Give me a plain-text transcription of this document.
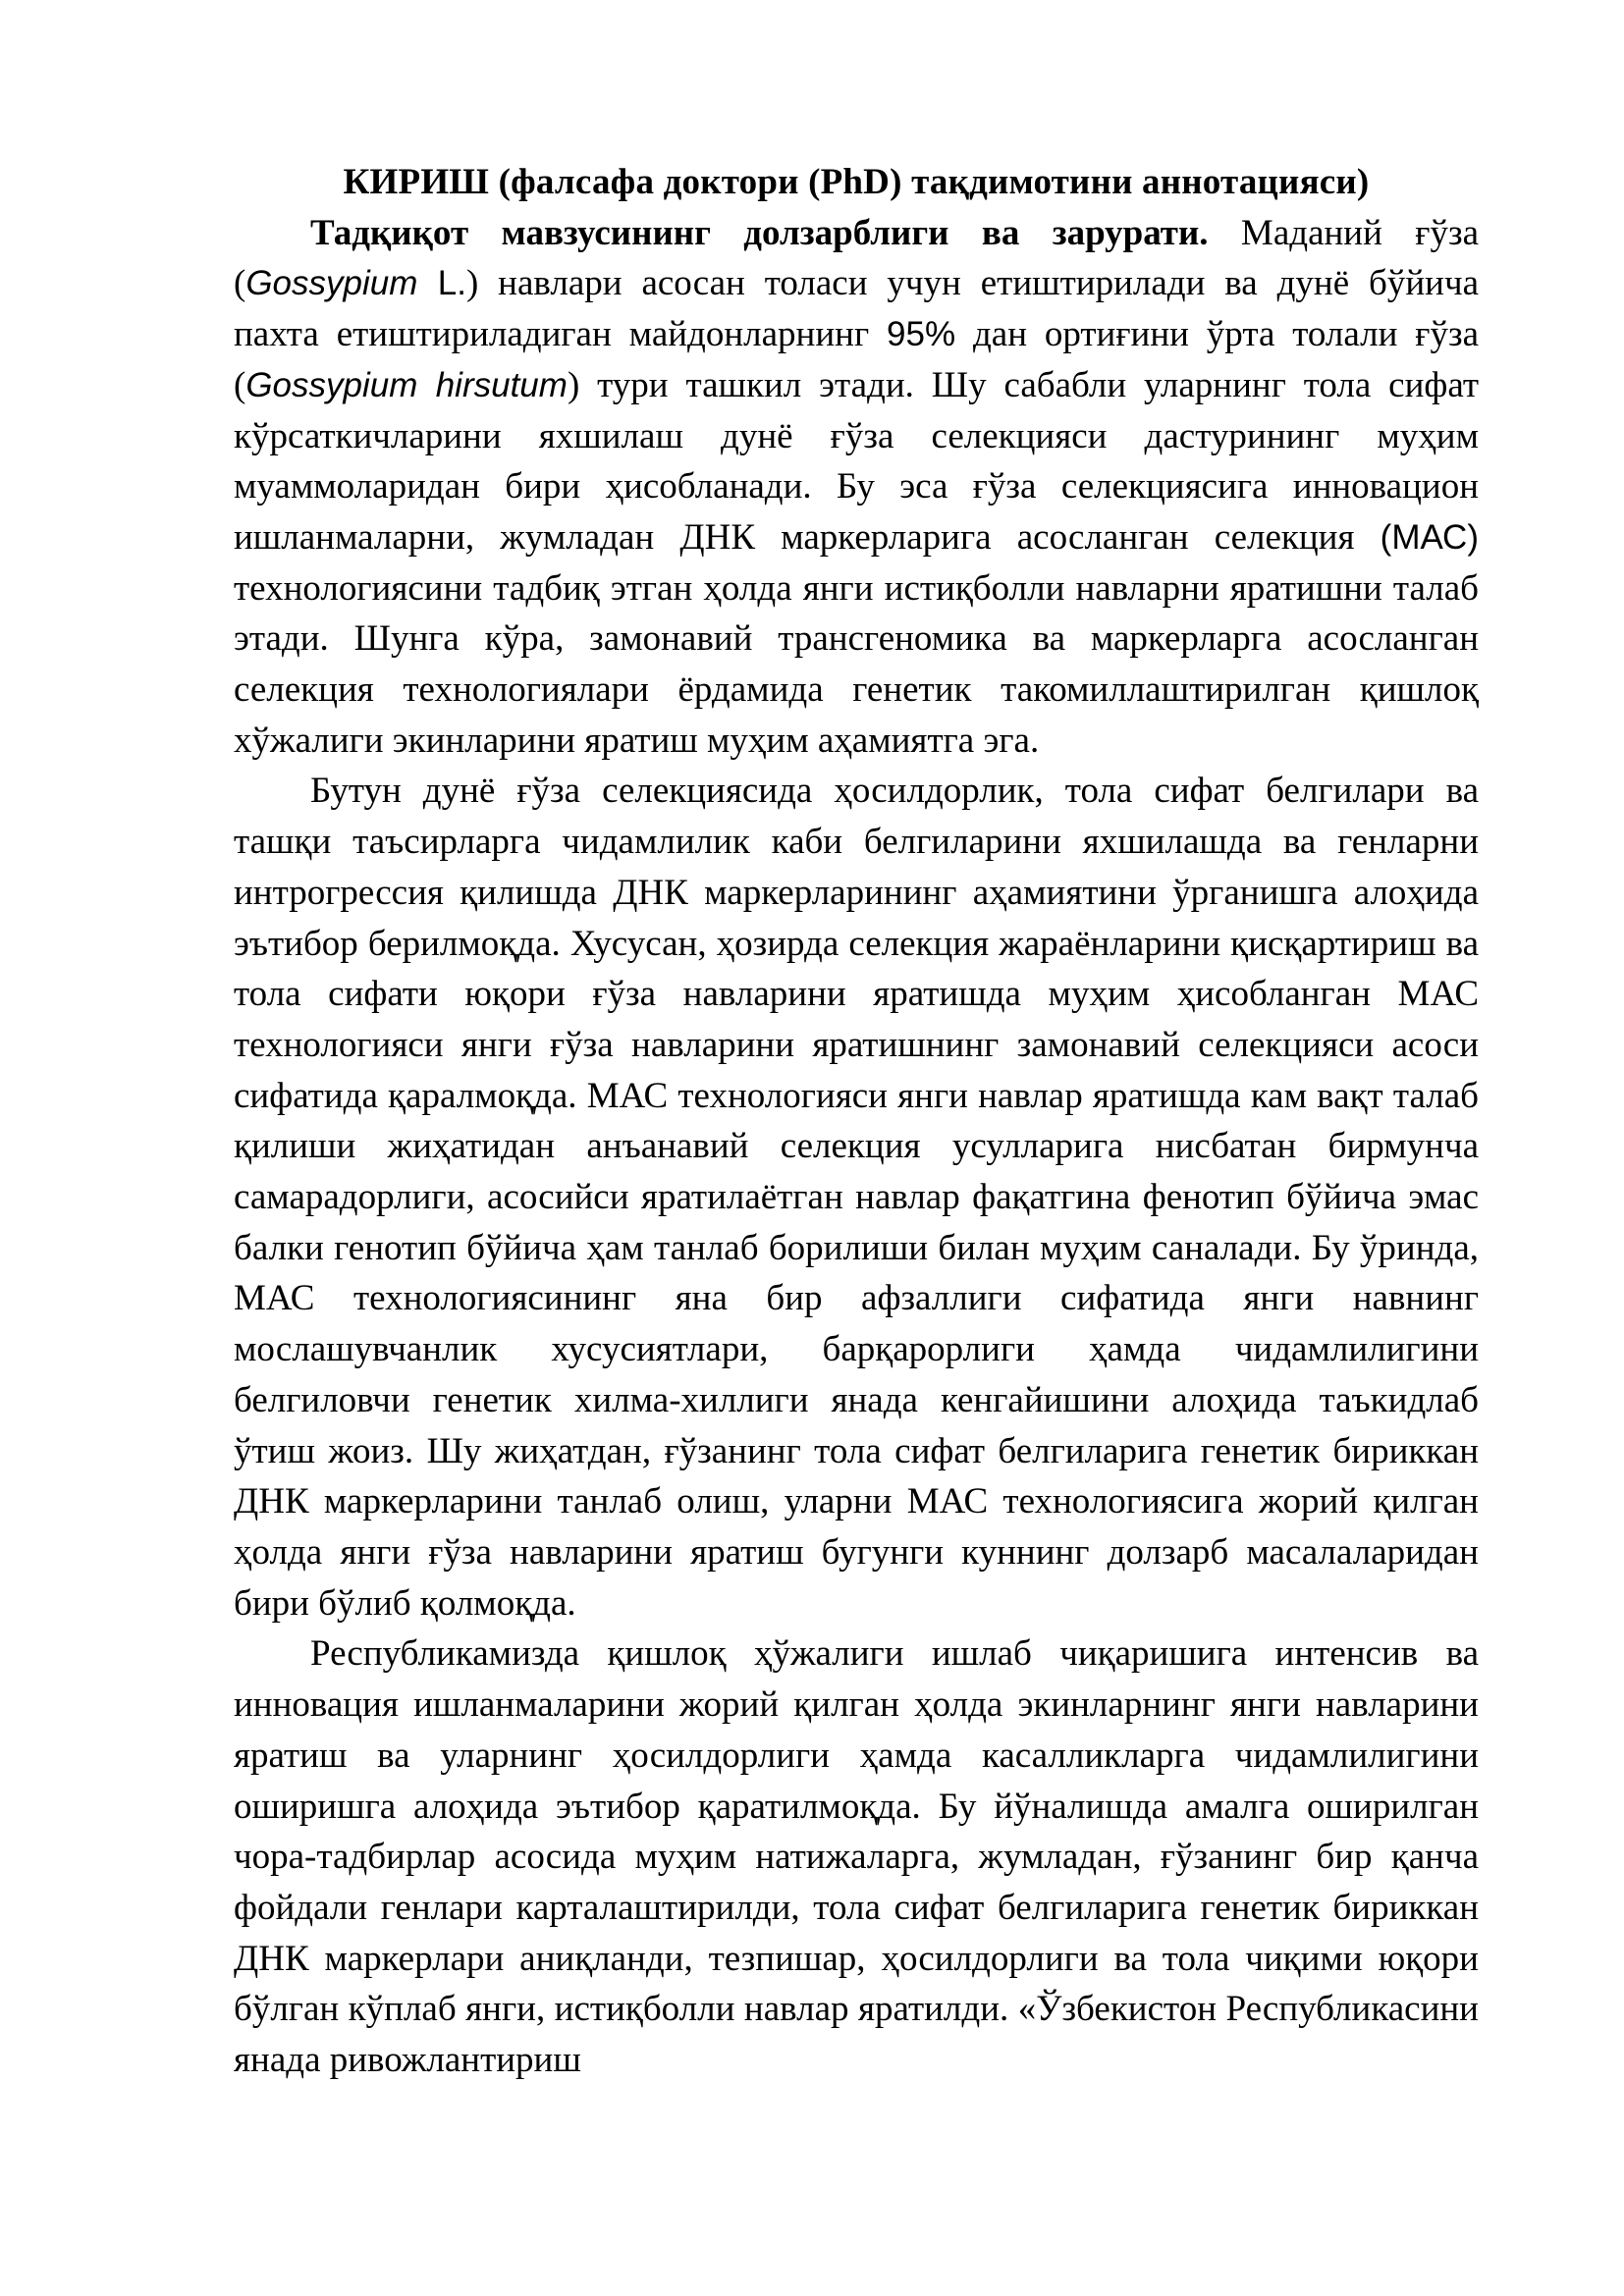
КИРИШ (фалсафа доктори (PhD) тақдимотини аннотацияси)

Тадқиқот мавзусининг долзарблиги ва зарурати. Маданий ғўза (Gossypium L.) навлари асосан толаси учун етиштирилади ва дунё бўйича пахта етиштириладиган майдонларнинг 95% дан ортиғини ўрта толали ғўза (Gossypium hirsutum) тури ташкил этади. Шу сабабли уларнинг тола сифат кўрсаткичларини яхшилаш дунё ғўза селекцияси дастурининг муҳим муаммоларидан бири ҳисобланади. Бу эса ғўза селекциясига инновацион ишланмаларни, жумладан ДНК маркерларига асосланган селекция (МАС) технологиясини тадбиқ этган ҳолда янги истиқболли навларни яратишни талаб этади. Шунга кўра, замонавий трансгеномика ва маркерларга асосланган селекция технологиялари ёрдамида генетик такомиллаштирилган қишлоқ хўжалиги экинларини яратиш муҳим аҳамиятга эга.

Бутун дунё ғўза селекциясида ҳосилдорлик, тола сифат белгилари ва ташқи таъсирларга чидамлилик каби белгиларини яхшилашда ва генларни интрогрессия қилишда ДНК маркерларининг аҳамиятини ўрганишга алоҳида эътибор берилмоқда. Хусусан, ҳозирда селекция жараёнларини қисқартириш ва тола сифати юқори ғўза навларини яратишда муҳим ҳисобланган МАС технологияси янги ғўза навларини яратишнинг замонавий селекцияси асоси сифатида қаралмоқда. МАС технологияси янги навлар яратишда кам вақт талаб қилиши жиҳатидан анъанавий селекция усулларига нисбатан бирмунча самарадорлиги, асосийси яратилаётган навлар фақатгина фенотип бўйича эмас балки генотип бўйича ҳам танлаб борилиши билан муҳим саналади. Бу ўринда, МАС технологиясининг яна бир афзаллиги сифатида янги навнинг мослашувчанлик хусусиятлари, барқарорлиги ҳамда чидамлилигини белгиловчи генетик хилма-хиллиги янада кенгайишини алоҳида таъкидлаб ўтиш жоиз. Шу жиҳатдан, ғўзанинг тола сифат белгиларига генетик бириккан ДНК маркерларини танлаб олиш, уларни МАС технологиясига жорий қилган ҳолда янги ғўза навларини яратиш бугунги куннинг долзарб масалаларидан бири бўлиб қолмоқда.

Республикамизда қишлоқ ҳўжалиги ишлаб чиқаришига интенсив ва инновация ишланмаларини жорий қилган ҳолда экинларнинг янги навларини яратиш ва уларнинг ҳосилдорлиги ҳамда касалликларга чидамлилигини оширишга алоҳида эътибор қаратилмоқда. Бу йўналишда амалга оширилган чора-тадбирлар асосида муҳим натижаларга, жумладан, ғўзанинг бир қанча фойдали генлари карталаштирилди, тола сифат белгиларига генетик бириккан ДНК маркерлари аниқланди, тезпишар, ҳосилдорлиги ва тола чиқими юқори бўлган кўплаб янги, истиқболли навлар яратилди. «Ўзбекистон Республикасини янада ривожлантириш
